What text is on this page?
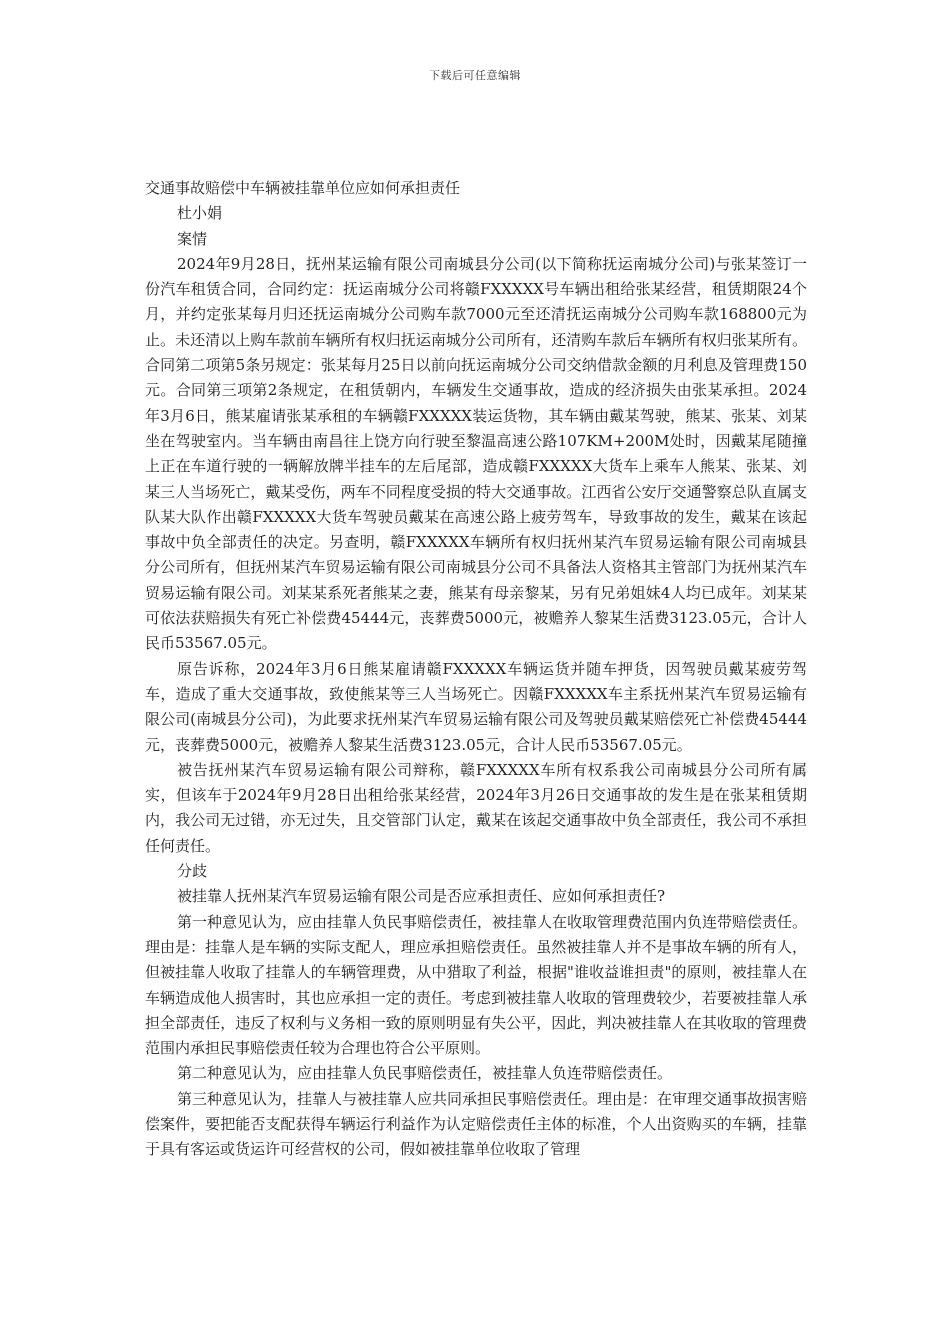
下载后可任意编辑

交通事故赔偿中车辆被挂靠单位应如何承担责任

杜小娟

案情

2024年9月28日，抚州某运输有限公司南城县分公司(以下简称抚运南城分公司)与张某签订一份汽车租赁合同，合同约定：抚运南城分公司将赣FXXXXX号车辆出租给张某经营，租赁期限24个月，并约定张某每月归还抚运南城分公司购车款7000元至还清抚运南城分公司购车款168800元为止。未还清以上购车款前车辆所有权归抚运南城分公司所有，还清购车款后车辆所有权归张某所有。合同第二项第5条另规定：张某每月25日以前向抚运南城分公司交纳借款金额的月利息及管理费150元。合同第三项第2条规定，在租赁朝内，车辆发生交通事故，造成的经济损失由张某承担。2024年3月6日，熊某雇请张某承租的车辆赣FXXXXX装运货物，其车辆由戴某驾驶，熊某、张某、刘某坐在驾驶室内。当车辆由南昌往上饶方向行驶至黎温高速公路107KM+200M处时，因戴某尾随撞上正在车道行驶的一辆解放牌半挂车的左后尾部，造成赣FXXXXX大货车上乘车人熊某、张某、刘某三人当场死亡，戴某受伤，两车不同程度受损的特大交通事故。江西省公安厅交通警察总队直属支队某大队作出赣FXXXXX大货车驾驶员戴某在高速公路上疲劳驾车，导致事故的发生，戴某在该起事故中负全部责任的决定。另查明，赣FXXXXX车辆所有权归抚州某汽车贸易运输有限公司南城县分公司所有，但抚州某汽车贸易运输有限公司南城县分公司不具备法人资格其主管部门为抚州某汽车贸易运输有限公司。刘某某系死者熊某之妻，熊某有母亲黎某，另有兄弟姐妹4人均已成年。刘某某可依法获赔损失有死亡补偿费45444元，丧葬费5000元，被赡养人黎某生活费3123.05元，合计人民币53567.05元。

原告诉称，2024年3月6日熊某雇请赣FXXXXX车辆运货并随车押货，因驾驶员戴某疲劳驾车，造成了重大交通事故，致使熊某等三人当场死亡。因赣FXXXXX车主系抚州某汽车贸易运输有限公司(南城县分公司)，为此要求抚州某汽车贸易运输有限公司及驾驶员戴某赔偿死亡补偿费45444元，丧葬费5000元，被赡养人黎某生活费3123.05元，合计人民币53567.05元。

被告抚州某汽车贸易运输有限公司辩称，赣FXXXXX车所有权系我公司南城县分公司所有属实，但该车于2024年9月28日出租给张某经营，2024年3月26日交通事故的发生是在张某租赁期内，我公司无过错，亦无过失，且交管部门认定，戴某在该起交通事故中负全部责任，我公司不承担任何责任。

分歧

被挂靠人抚州某汽车贸易运输有限公司是否应承担责任、应如何承担责任?

第一种意见认为，应由挂靠人负民事赔偿责任，被挂靠人在收取管理费范围内负连带赔偿责任。理由是：挂靠人是车辆的实际支配人，理应承担赔偿责任。虽然被挂靠人并不是事故车辆的所有人，但被挂靠人收取了挂靠人的车辆管理费，从中猎取了利益，根据"谁收益谁担责"的原则，被挂靠人在车辆造成他人损害时，其也应承担一定的责任。考虑到被挂靠人收取的管理费较少，若要被挂靠人承担全部责任，违反了权利与义务相一致的原则明显有失公平，因此，判决被挂靠人在其收取的管理费范围内承担民事赔偿责任较为合理也符合公平原则。

第二种意见认为，应由挂靠人负民事赔偿责任，被挂靠人负连带赔偿责任。

第三种意见认为，挂靠人与被挂靠人应共同承担民事赔偿责任。理由是：在审理交通事故损害赔偿案件，要把能否支配获得车辆运行利益作为认定赔偿责任主体的标准，个人出资购买的车辆，挂靠于具有客运或货运许可经营权的公司，假如被挂靠单位收取了管理
